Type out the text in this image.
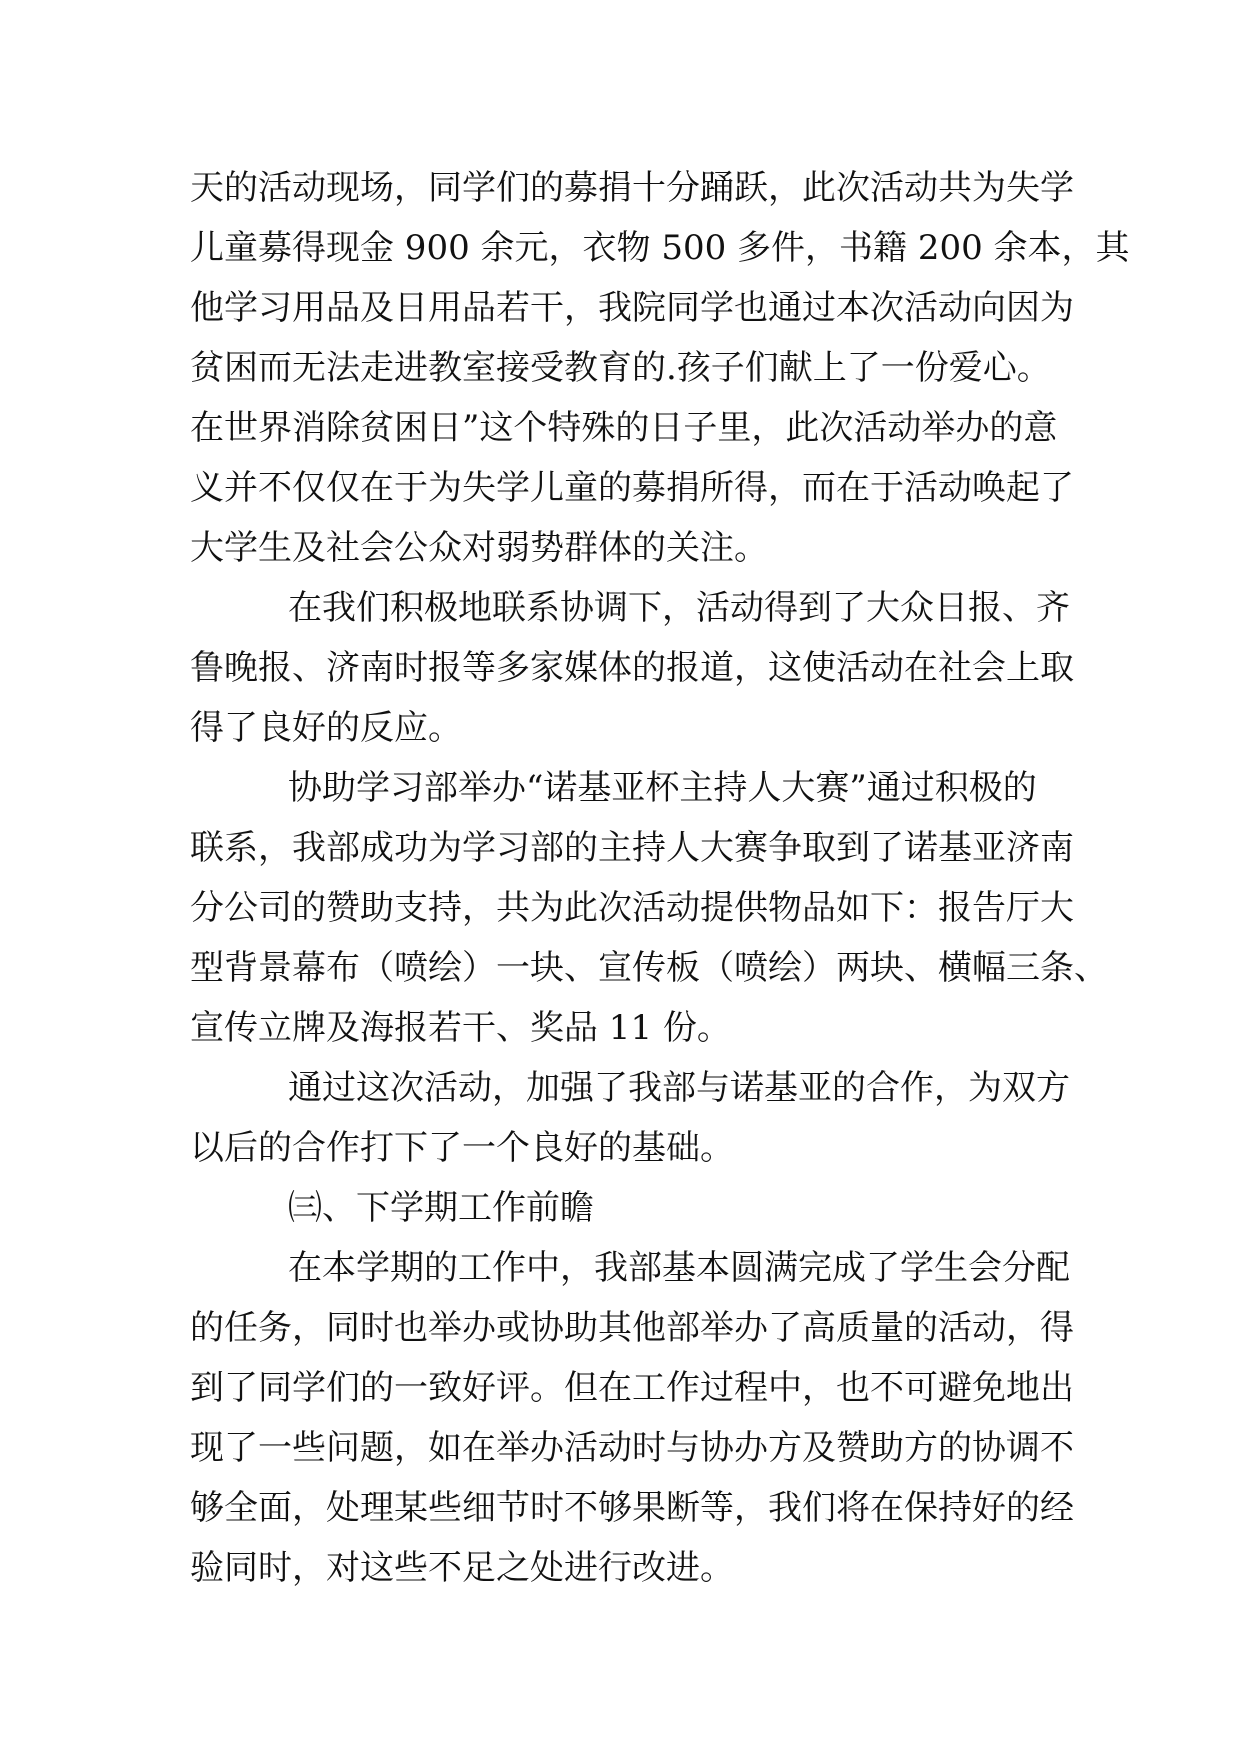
天的活动现场，同学们的募捐十分踊跃，此次活动共为失学
儿童募得现金 900 余元，衣物 500 多件，书籍 200 余本，其
他学习用品及日用品若干，我院同学也通过本次活动向因为
贫困而无法走进教室接受教育的.孩子们献上了一份爱心。
在世界消除贫困日”这个特殊的日子里，此次活动举办的意
义并不仅仅在于为失学儿童的募捐所得，而在于活动唤起了
大学生及社会公众对弱势群体的关注。
在我们积极地联系协调下，活动得到了大众日报、齐
鲁晚报、济南时报等多家媒体的报道，这使活动在社会上取
得了良好的反应。
协助学习部举办“诺基亚杯主持人大赛”通过积极的
联系，我部成功为学习部的主持人大赛争取到了诺基亚济南
分公司的赞助支持，共为此次活动提供物品如下：报告厅大
型背景幕布（喷绘）一块、宣传板（喷绘）两块、横幅三条、
宣传立牌及海报若干、奖品 11 份。
通过这次活动，加强了我部与诺基亚的合作，为双方
以后的合作打下了一个良好的基础。
㈢、下学期工作前瞻
在本学期的工作中，我部基本圆满完成了学生会分配
的任务，同时也举办或协助其他部举办了高质量的活动，得
到了同学们的一致好评。但在工作过程中，也不可避免地出
现了一些问题，如在举办活动时与协办方及赞助方的协调不
够全面，处理某些细节时不够果断等，我们将在保持好的经
验同时，对这些不足之处进行改进。
